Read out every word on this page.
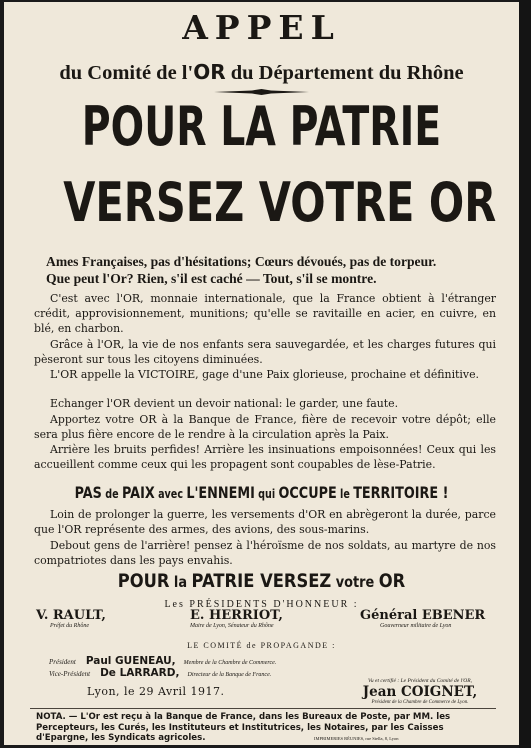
APPEL
du Comité de l'OR du Département du Rhône
POUR LA PATRIE
VERSEZ VOTRE OR
Ames Françaises, pas d'hésitations; Cœurs dévoués, pas de torpeur.
Que peut l'Or? Rien, s'il est caché — Tout, s'il se montre.
C'est avec l'OR, monnaie internationale, que la France obtient à l'étranger crédit, approvisionnement, munitions; qu'elle se ravitaille en acier, en cuivre, en blé, en charbon.
Grâce à l'OR, la vie de nos enfants sera sauvegardée, et les charges futures qui pèseront sur tous les citoyens diminuées.
L'OR appelle la VICTOIRE, gage d'une Paix glorieuse, prochaine et définitive.
Echanger l'OR devient un devoir national: le garder, une faute.
Apportez votre OR à la Banque de France, fière de recevoir votre dépôt; elle sera plus fière encore de le rendre à la circulation après la Paix.
Arrière les bruits perfides! Arrière les insinuations empoisonnées! Ceux qui les accueillent comme ceux qui les propagent sont coupables de lèse-Patrie.
PAS de PAIX avec L'ENNEMI qui OCCUPE le TERRITOIRE !
Loin de prolonger la guerre, les versements d'OR en abrègeront la durée, parce que l'OR représente des armes, des avions, des sous-marins.
Debout gens de l'arrière! pensez à l'héroïsme de nos soldats, au martyre de nos compatriotes dans les pays envahis.
POUR la PATRIE VERSEZ votre OR
Les PRÉSIDENTS D'HONNEUR :
V. RAULT,
Préfet du Rhône
E. HERRIOT,
Maire de Lyon, Sénateur du Rhône
Général EBENER
Gouverneur militaire de Lyon
LE COMITÉ de PROPAGANDE :
Président Paul GUENEAU, Membre de la Chambre de Commerce.
Vice-Président De LARRARD, Directeur de la Banque de France.
Lyon, le 29 Avril 1917.
Vu et certifié : Le Président du Comité de l'OR,
Jean COIGNET,
Président de la Chambre de Commerce de Lyon.
NOTA. — L'Or est reçu à la Banque de France, dans les Bureaux de Poste, par MM. les Percepteurs, les Curés, les Instituteurs et Institutrices, les Notaires, par les Caisses d'Epargne, les Syndicats agricoles.	IMPRIMERIES RÉUNIES, rue Stella, 8, Lyon
